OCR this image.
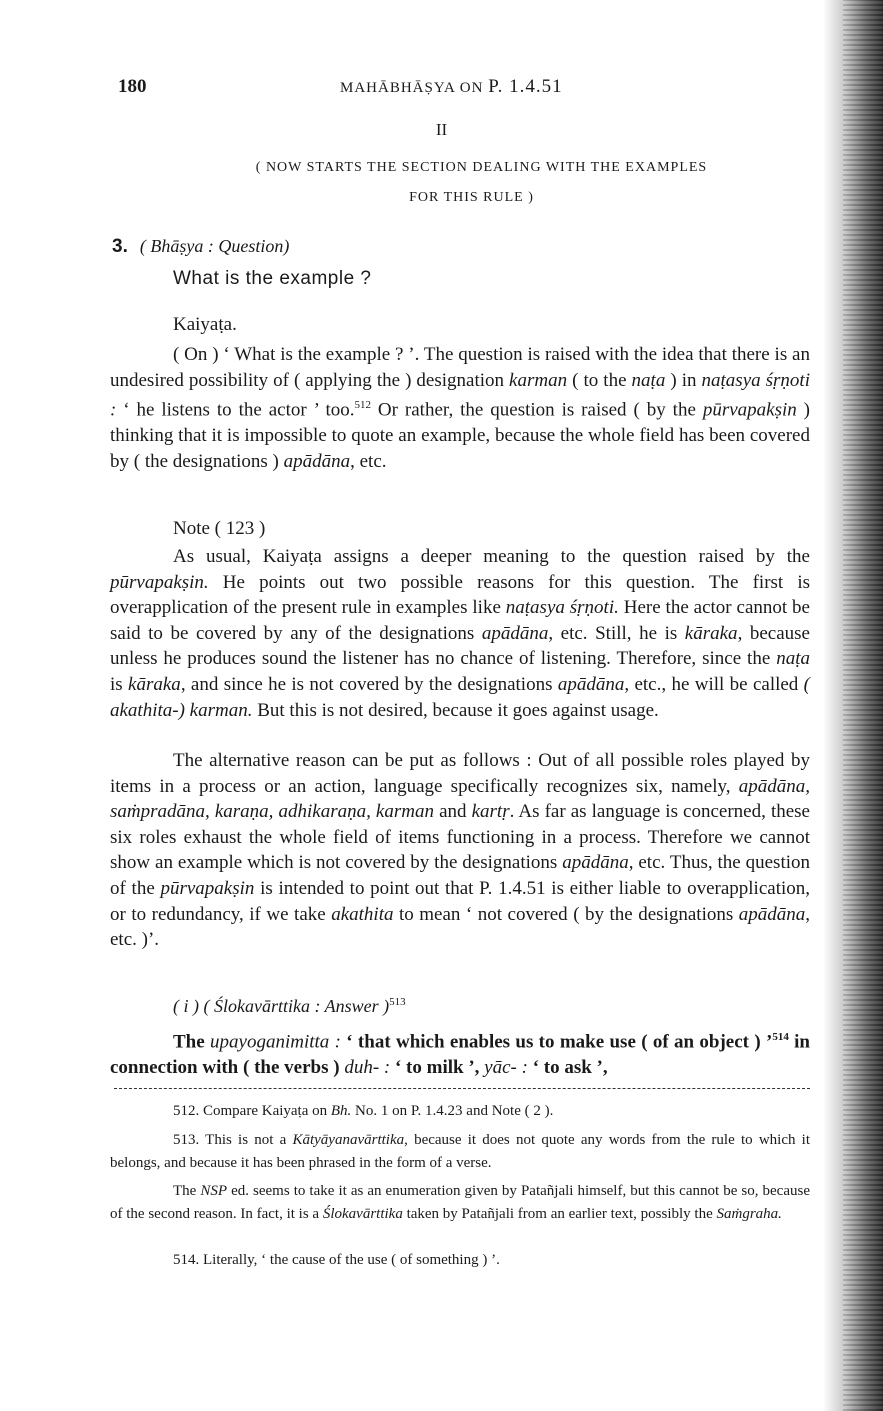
180	MAHĀBHĀṢYA ON P. 1.4.51
II
( NOW STARTS THE SECTION DEALING WITH THE EXAMPLES
FOR THIS RULE )
3. ( Bhāṣya : Question)
What is the example ?
Kaiyaṭa.

( On ) ‘ What is the example ? ’. The question is raised with the idea that there is an undesired possibility of ( applying the ) designation karman ( to the naṭa ) in naṭasya śṛṇoti : ‘ he listens to the actor ’ too.$^{512}$ Or rather, the question is raised ( by the pūrvapakṣin ) thinking that it is impossible to quote an example, because the whole field has been covered by ( the designations ) apādāna, etc.

Note ( 123 )

As usual, Kaiyaṭa assigns a deeper meaning to the question raised by the pūrvapakṣin. He points out two possible reasons for this question. The first is overapplication of the present rule in examples like naṭasya śṛṇoti. Here the actor cannot be said to be covered by any of the designations apādāna, etc. Still, he is kāraka, because unless he produces sound the listener has no chance of listening. Therefore, since the naṭa is kāraka, and since he is not covered by the designations apādāna, etc., he will be called ( akathita-) karman. But this is not desired, because it goes against usage.

The alternative reason can be put as follows : Out of all possible roles played by items in a process or an action, language specifically recognizes six, namely, apādāna, saṁpradāna, karaṇa, adhikaraṇa, karman and kartṛ. As far as language is concerned, these six roles exhaust the whole field of items functioning in a process. Therefore we cannot show an example which is not covered by the designations apādāna, etc. Thus, the question of the pūrvapakṣin is intended to point out that P. 1.4.51 is either liable to overapplication, or to redundancy, if we take akathita to mean ‘ not covered ( by the designations apādāna, etc. )’.

( i ) ( Ślokavārttika : Answer )$^{513}$

The upayoganimitta : ‘ that which enables us to make use ( of an object ) ’$^{514}$ in connection with ( the verbs ) duh- : ‘ to milk ’, yāc- : ‘ to ask ’,

512. Compare Kaiyaṭa on Bh. No. 1 on P. 1.4.23 and Note ( 2 ).

513. This is not a Kātyāyanavārttika, because it does not quote any words from the rule to which it belongs, and because it has been phrased in the form of a verse.

The NSP ed. seems to take it as an enumeration given by Patañjali himself, but this cannot be so, because of the second reason. In fact, it is a Ślokavārttika taken by Patañjali from an earlier text, possibly the Saṁgraha.

514. Literally, ‘ the cause of the use ( of something ) ’.
